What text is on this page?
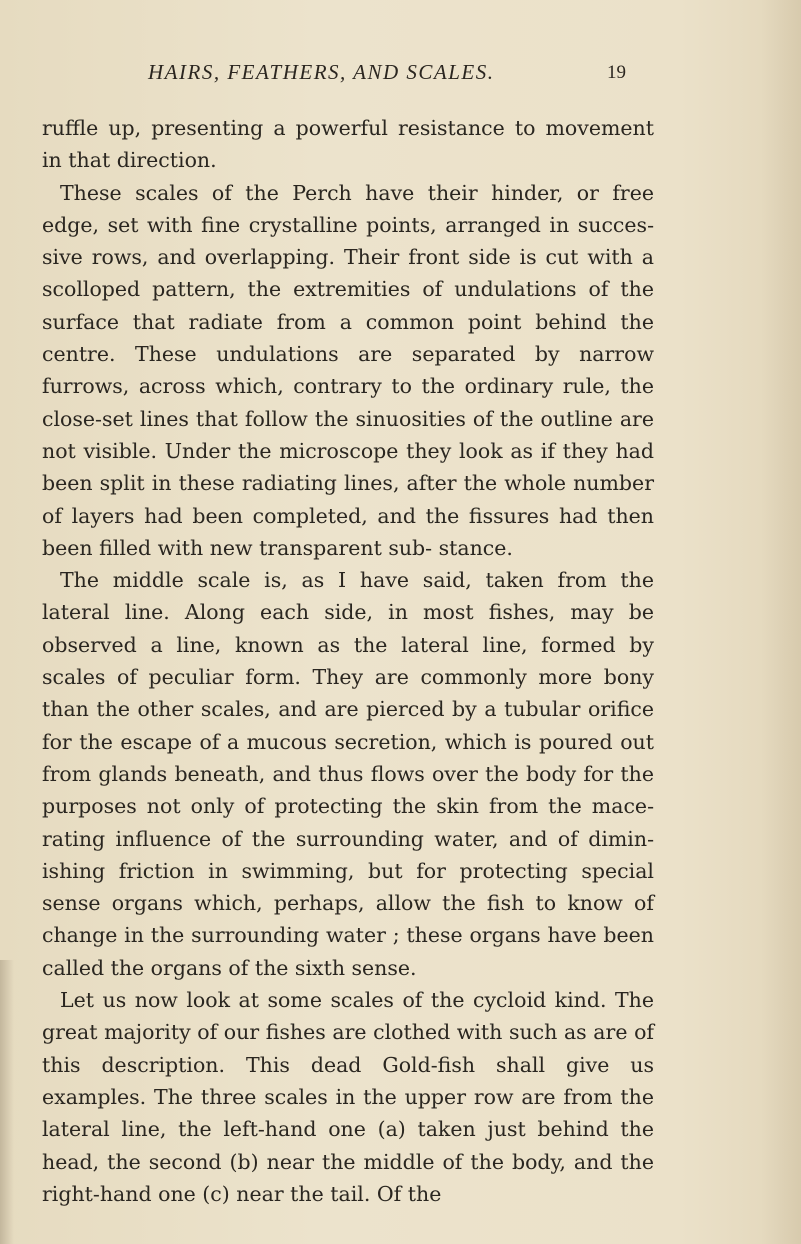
HAIRS, FEATHERS, AND SCALES.	19

ruffle up, presenting a powerful resistance to movement in that direction.

These scales of the Perch have their hinder, or free edge, set with fine crystalline points, arranged in succes- sive rows, and overlapping. Their front side is cut with a scolloped pattern, the extremities of undulations of the surface that radiate from a common point behind the centre. These undulations are separated by narrow furrows, across which, contrary to the ordinary rule, the close-set lines that follow the sinuosities of the outline are not visible. Under the microscope they look as if they had been split in these radiating lines, after the whole number of layers had been completed, and the fissures had then been filled with new transparent sub- stance.

The middle scale is, as I have said, taken from the lateral line. Along each side, in most fishes, may be observed a line, known as the lateral line, formed by scales of peculiar form. They are commonly more bony than the other scales, and are pierced by a tubular orifice for the escape of a mucous secretion, which is poured out from glands beneath, and thus flows over the body for the purposes not only of protecting the skin from the mace- rating influence of the surrounding water, and of dimin- ishing friction in swimming, but for protecting special sense organs which, perhaps, allow the fish to know of change in the surrounding water ; these organs have been called the organs of the sixth sense.

Let us now look at some scales of the cycloid kind. The great majority of our fishes are clothed with such as are of this description. This dead Gold-fish shall give us examples. The three scales in the upper row are from the lateral line, the left-hand one (a) taken just behind the head, the second (b) near the middle of the body, and the right-hand one (c) near the tail. Of the
